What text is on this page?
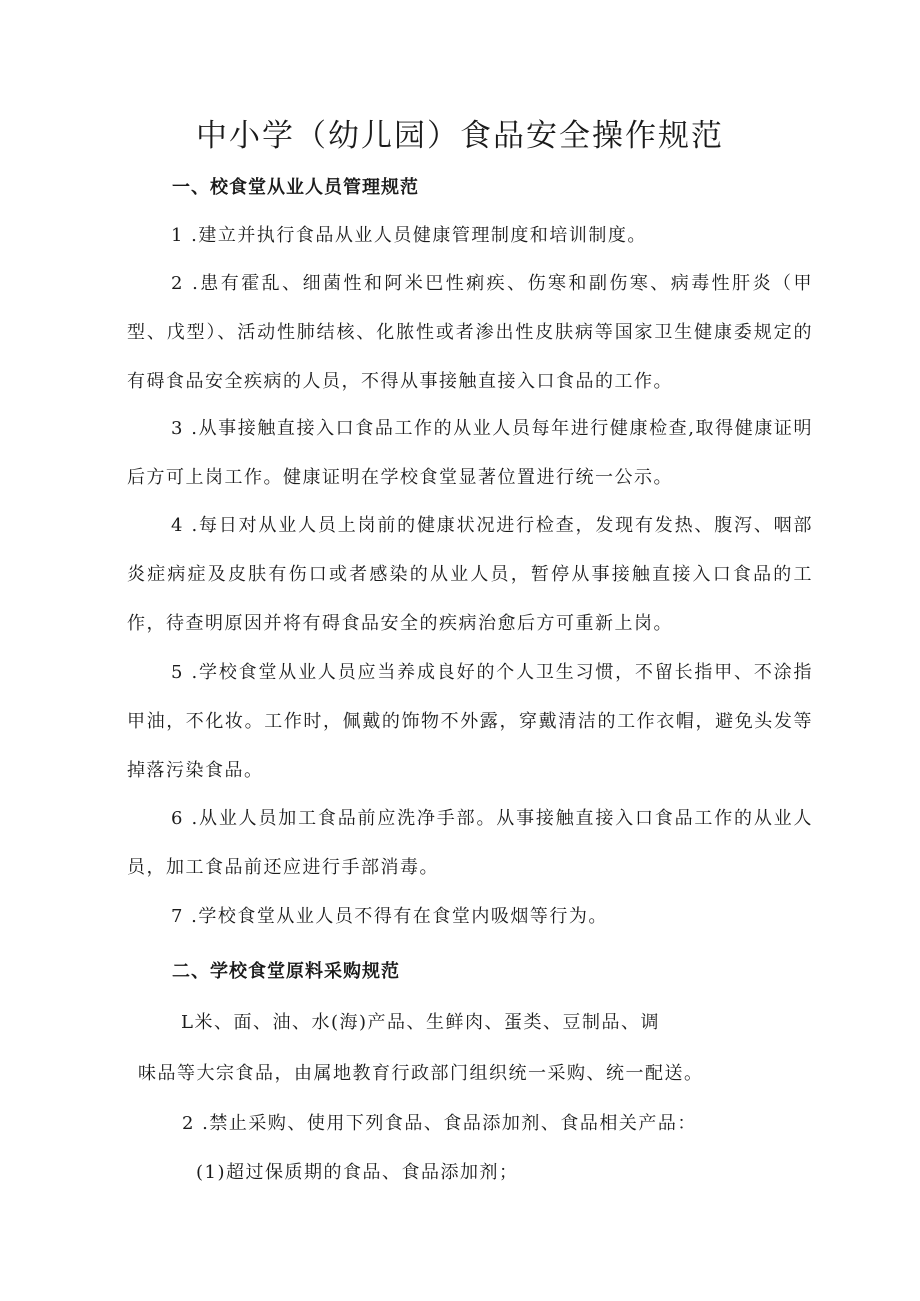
中小学（幼儿园）食品安全操作规范
一、校食堂从业人员管理规范

1 .建立并执行食品从业人员健康管理制度和培训制度。

2 .患有霍乱、细菌性和阿米巴性痢疾、伤寒和副伤寒、病毒性肝炎（甲型、戊型）、活动性肺结核、化脓性或者渗出性皮肤病等国家卫生健康委规定的有碍食品安全疾病的人员，不得从事接触直接入口食品的工作。

3 .从事接触直接入口食品工作的从业人员每年进行健康检查,取得健康证明后方可上岗工作。健康证明在学校食堂显著位置进行统一公示。

4 .每日对从业人员上岗前的健康状况进行检查，发现有发热、腹泻、咽部炎症病症及皮肤有伤口或者感染的从业人员，暂停从事接触直接入口食品的工作，待查明原因并将有碍食品安全的疾病治愈后方可重新上岗。

5 .学校食堂从业人员应当养成良好的个人卫生习惯，不留长指甲、不涂指甲油，不化妆。工作时，佩戴的饰物不外露，穿戴清洁的工作衣帽，避免头发等掉落污染食品。

6 .从业人员加工食品前应洗净手部。从事接触直接入口食品工作的从业人员，加工食品前还应进行手部消毒。

7 .学校食堂从业人员不得有在食堂内吸烟等行为。

二、学校食堂原料采购规范

L米、面、油、水(海)产品、生鲜肉、蛋类、豆制品、调

味品等大宗食品，由属地教育行政部门组织统一采购、统一配送。

2 .禁止采购、使用下列食品、食品添加剂、食品相关产品：

(1)超过保质期的食品、食品添加剂；
